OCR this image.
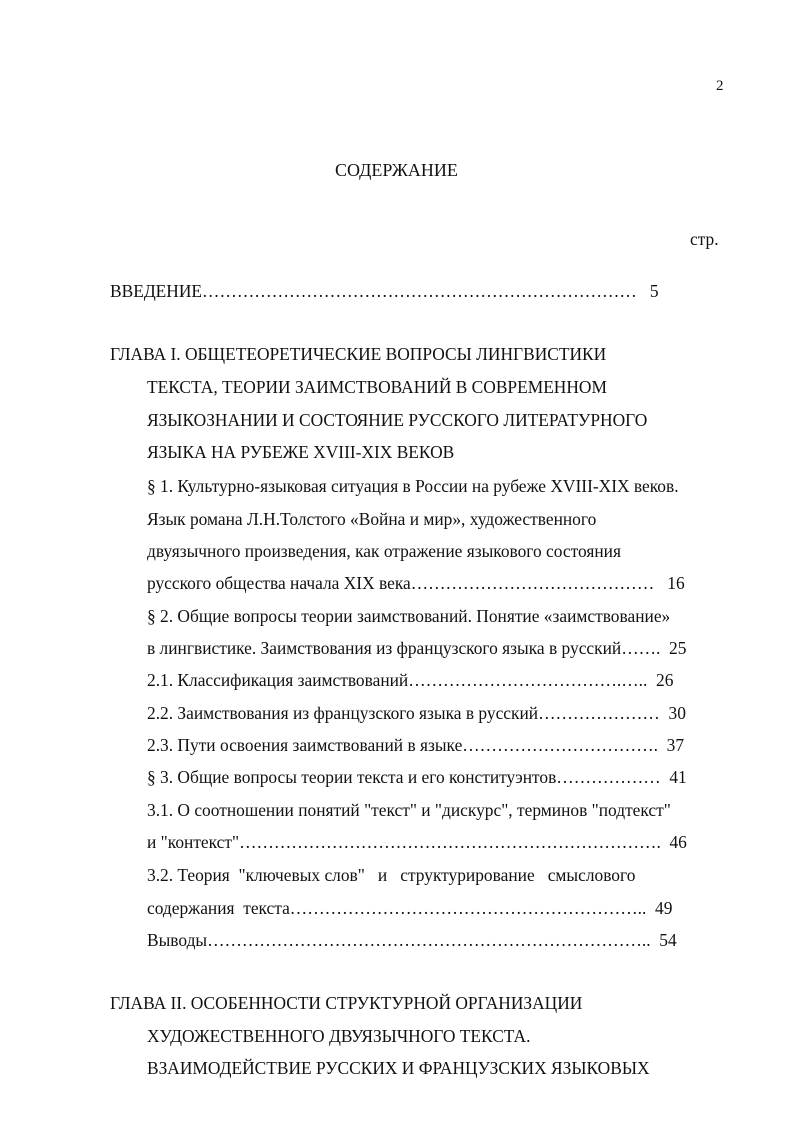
2
СОДЕРЖАНИЕ
стр.
ВВЕДЕНИЕ…………………………………………………………………   5
ГЛАВА I. ОБЩЕТЕОРЕТИЧЕСКИЕ ВОПРОСЫ ЛИНГВИСТИКИ
ТЕКСТА, ТЕОРИИ ЗАИМСТВОВАНИЙ В СОВРЕМЕННОМ
ЯЗЫКОЗНАНИИ И СОСТОЯНИЕ РУССКОГО ЛИТЕРАТУРНОГО
ЯЗЫКА НА РУБЕЖЕ XVIII-XIX ВЕКОВ
§ 1. Культурно-языковая ситуация в России на рубеже XVIII-XIX веков.
Язык романа Л.Н.Толстого «Война и мир», художественного
двуязычного произведения, как отражение языкового состояния
русского общества начала XIX века……………………………………   16
§ 2. Общие вопросы теории заимствований. Понятие «заимствование»
в лингвистике. Заимствования из французского языка в русский…….  25
2.1. Классификация заимствований……………………………….…..  26
2.2. Заимствования из французского языка в русский…………………  30
2.3. Пути освоения заимствований в языке…………………………….  37
§ 3. Общие вопросы теории текста и его конституэнтов………………  41
3.1. О соотношении понятий "текст" и "дискурс", терминов "подтекст"
и "контекст"……………………………………………………………….  46
3.2. Теория  "ключевых слов"   и   структурирование   смыслового
содержания  текста……………………………………………………..  49
Выводы…………………………………………………………………..  54
ГЛАВА II. ОСОБЕННОСТИ СТРУКТУРНОЙ ОРГАНИЗАЦИИ
ХУДОЖЕСТВЕННОГО ДВУЯЗЫЧНОГО ТЕКСТА.
ВЗАИМОДЕЙСТВИЕ РУССКИХ И ФРАНЦУЗСКИХ ЯЗЫКОВЫХ
